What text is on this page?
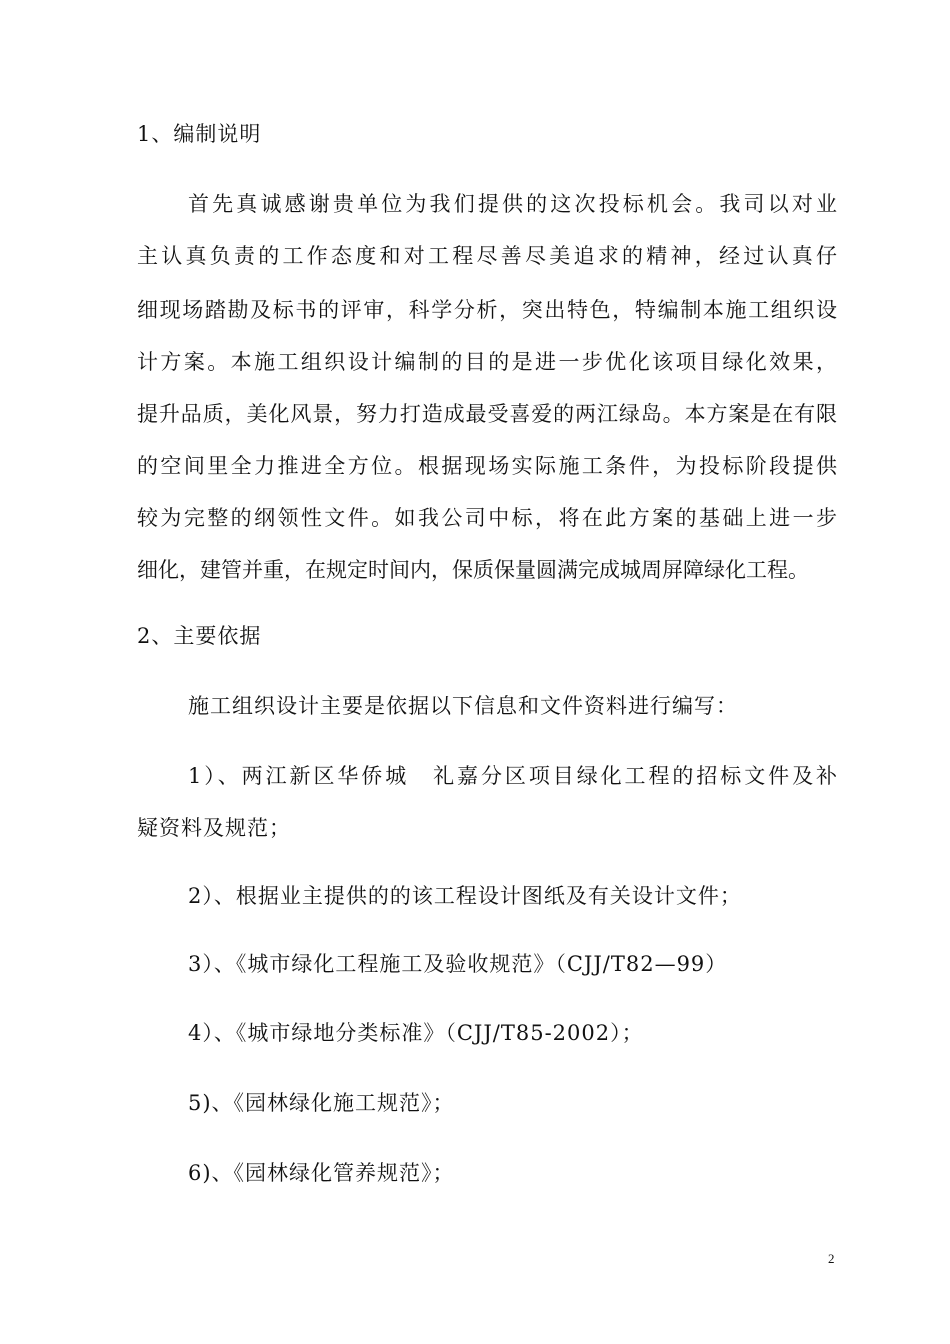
1、编制说明
首先真诚感谢贵单位为我们提供的这次投标机会。我司以对业
主认真负责的工作态度和对工程尽善尽美追求的精神，经过认真仔
细现场踏勘及标书的评审，科学分析，突出特色，特编制本施工组织设
计方案。本施工组织设计编制的目的是进一步优化该项目绿化效果，
提升品质，美化风景，努力打造成最受喜爱的两江绿岛。本方案是在有限
的空间里全力推进全方位。根据现场实际施工条件，为投标阶段提供
较为完整的纲领性文件。如我公司中标，将在此方案的基础上进一步
细化，建管并重，在规定时间内，保质保量圆满完成城周屏障绿化工程。
2、主要依据
施工组织设计主要是依据以下信息和文件资料进行编写：
1）、两江新区华侨城　礼嘉分区项目绿化工程的招标文件及补
疑资料及规范；
2）、根据业主提供的的该工程设计图纸及有关设计文件；
3）、《城市绿化工程施工及验收规范》（CJJ/T82—99）
4）、《城市绿地分类标准》（CJJ/T85-2002）；
5)、《园林绿化施工规范》；
6)、《园林绿化管养规范》；
2
